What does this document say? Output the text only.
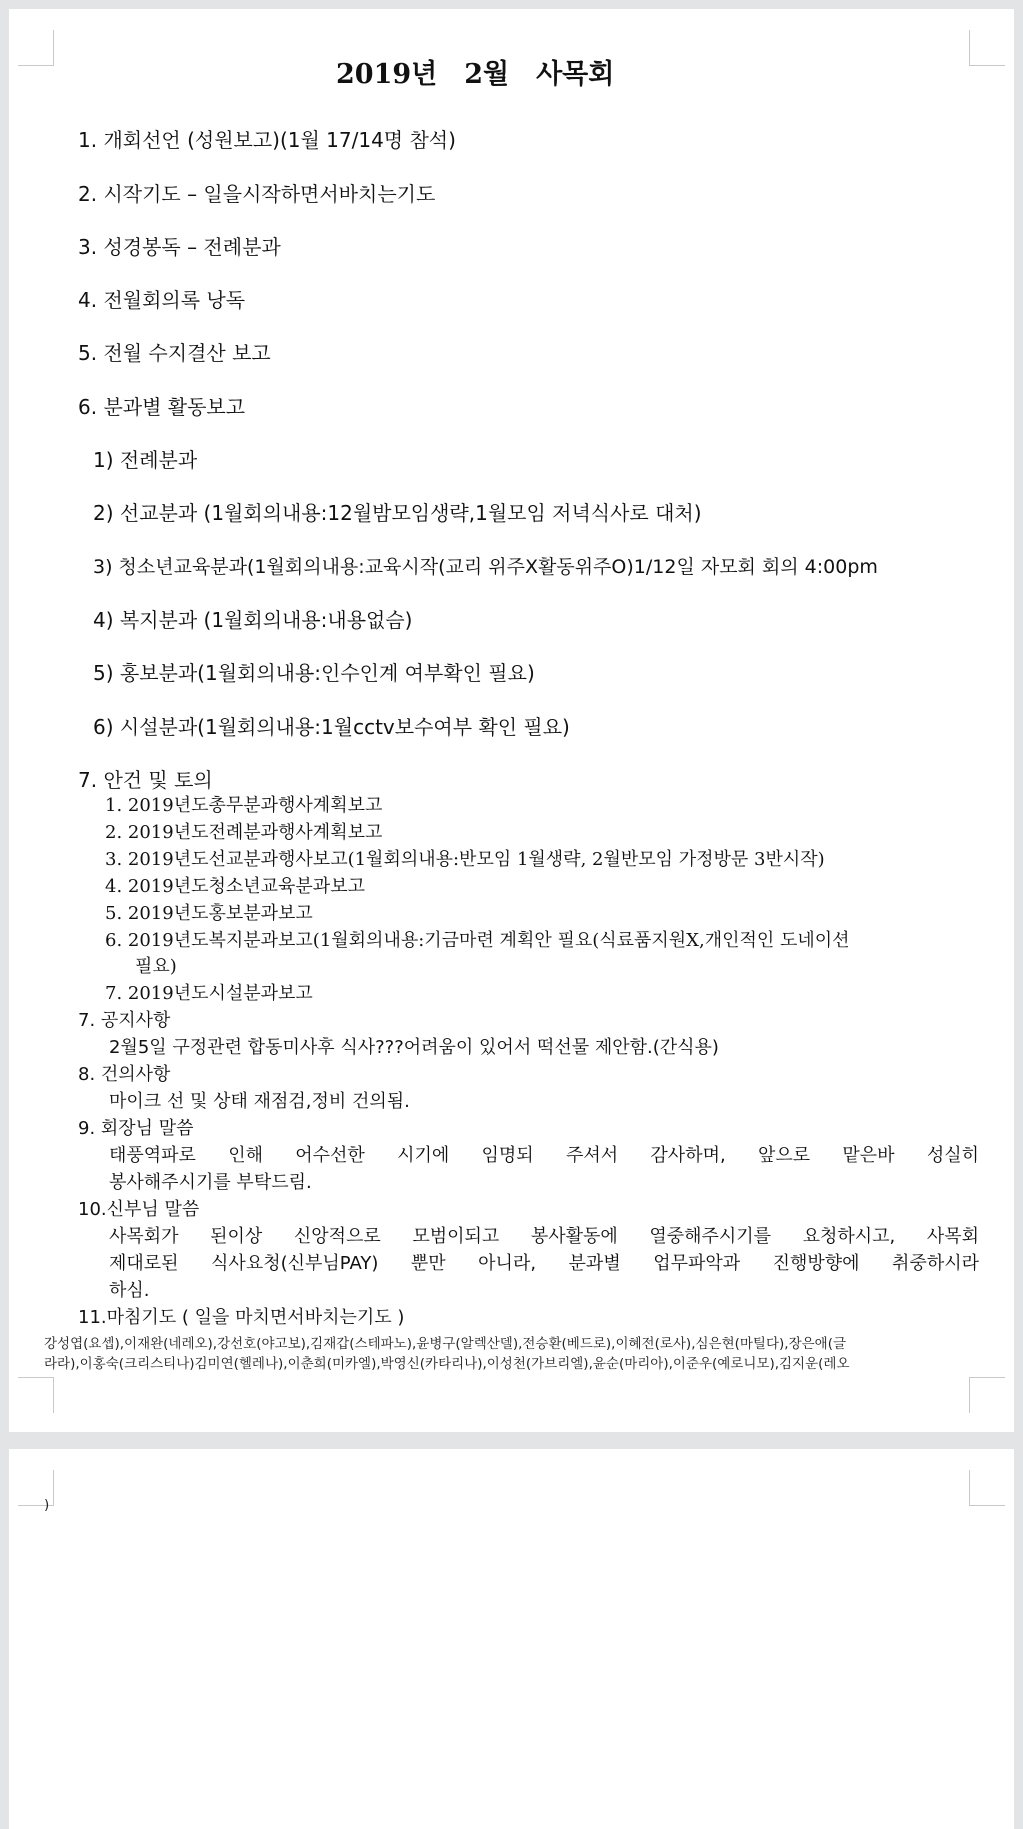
2019년　2월　사목회
1. 개회선언 (성원보고)(1월 17/14명 참석)
2. 시작기도 – 일을시작하면서바치는기도
3. 성경봉독 – 전례분과
4. 전월회의록 낭독
5. 전월 수지결산 보고
6. 분과별 활동보고
1) 전례분과
2) 선교분과 (1월회의내용:12월밤모임생략,1월모임 저녁식사로 대처)
3) 청소년교육분과(1월회의내용:교육시작(교리 위주X활동위주O)1/12일 자모회 회의 4:00pm
4) 복지분과 (1월회의내용:내용없슴)
5) 홍보분과(1월회의내용:인수인계 여부확인 필요)
6) 시설분과(1월회의내용:1월cctv보수여부 확인 필요)
7. 안건 및 토의
1. 2019년도총무분과행사계획보고
2. 2019년도전례분과행사계획보고
3. 2019년도선교분과행사보고(1월회의내용:반모임 1월생략, 2월반모임 가정방문 3반시작)
4. 2019년도청소년교육분과보고
5. 2019년도홍보분과보고
6. 2019년도복지분과보고(1월회의내용:기금마련 계획안 필요(식료품지원X,개인적인 도네이션
필요)
7. 2019년도시설분과보고
7. 공지사항
2월5일 구정관련 합동미사후 식사???어려움이 있어서 떡선물 제안함.(간식용)
8. 건의사항
마이크 선 및 상태 재점검,정비 건의됨.
9. 회장님 말씀
태풍역파로 인해 어수선한 시기에 임명되 주셔서 감사하며, 앞으로 맡은바 성실히
봉사해주시기를 부탁드림.
10.신부님 말씀
사목회가 된이상 신앙적으로 모범이되고 봉사활동에 열중해주시기를 요청하시고, 사목회
제대로된 식사요청(신부님PAY) 뿐만 아니라, 분과별 업무파악과 진행방향에 취중하시라
하심.
11.마침기도 ( 일을 마치면서바치는기도 )
강성엽(요셉),이재완(네레오),강선호(야고보),김재갑(스테파노),윤병구(알렉산델),전승환(베드로),이혜전(로사),심은현(마틸다),장은애(글
라라),이홍숙(크리스티나)김미연(헬레나),이춘희(미카엘),박영신(카타리나),이성천(가브리엘),윤순(마리아),이준우(예로니모),김지운(레오
)
